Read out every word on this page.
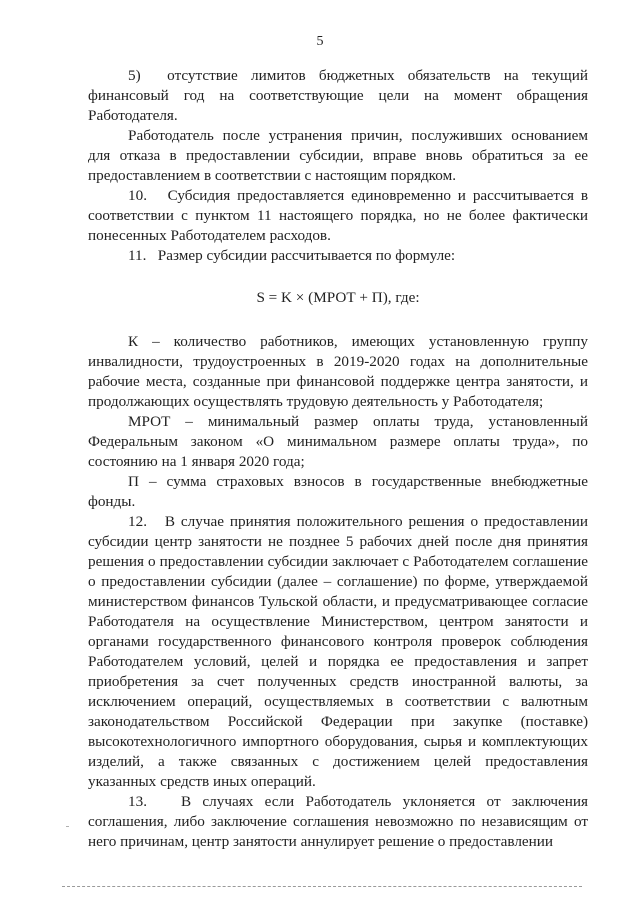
5

5)  отсутствие лимитов бюджетных обязательств на текущий финансовый год на соответствующие цели на момент обращения Работодателя.

Работодатель после устранения причин, послуживших основанием для отказа в предоставлении субсидии, вправе вновь обратиться за ее предоставлением в соответствии с настоящим порядком.

10.   Субсидия предоставляется единовременно и рассчитывается в соответствии с пунктом 11 настоящего порядка, но не более фактически понесенных Работодателем расходов.

11.   Размер субсидии рассчитывается по формуле:

S = K × (МРОТ + П), где:

К – количество работников, имеющих установленную группу инвалидности, трудоустроенных в 2019-2020 годах на дополнительные рабочие места, созданные при финансовой поддержке центра занятости, и продолжающих осуществлять трудовую деятельность у Работодателя;

МРОТ – минимальный размер оплаты труда, установленный Федеральным законом «О минимальном размере оплаты труда», по состоянию на 1 января 2020 года;

П – сумма страховых взносов в государственные внебюджетные фонды.

12.   В случае принятия положительного решения о предоставлении субсидии центр занятости не позднее 5 рабочих дней после дня принятия решения о предоставлении субсидии заключает с Работодателем соглашение о предоставлении субсидии (далее – соглашение) по форме, утверждаемой министерством финансов Тульской области, и предусматривающее согласие Работодателя на осуществление Министерством, центром занятости и органами государственного финансового контроля проверок соблюдения Работодателем условий, целей и порядка ее предоставления и запрет приобретения за счет полученных средств иностранной валюты, за исключением операций, осуществляемых в соответствии с валютным законодательством Российской Федерации при закупке (поставке) высокотехнологичного импортного оборудования, сырья и комплектующих изделий, а также связанных с достижением целей предоставления указанных средств иных операций.

13.   В случаях если Работодатель уклоняется от заключения соглашения, либо заключение соглашения невозможно по независящим от него причинам, центр занятости аннулирует решение о предоставлении
